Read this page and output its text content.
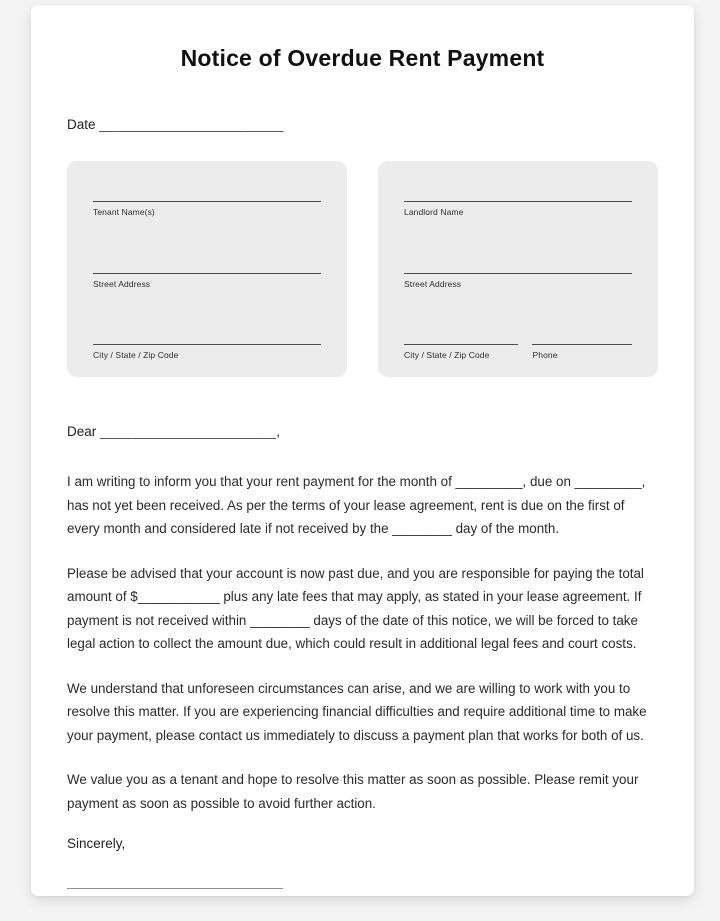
Notice of Overdue Rent Payment
Date _______________________
Tenant Name(s)
Street Address
City / State / Zip Code
Landlord Name
Street Address
City / State / Zip Code	Phone
Dear ______________________,

I am writing to inform you that your rent payment for the month of _________, due on _________, has not yet been received. As per the terms of your lease agreement, rent is due on the first of every month and considered late if not received by the ________ day of the month.

Please be advised that your account is now past due, and you are responsible for paying the total amount of $___________ plus any late fees that may apply, as stated in your lease agreement. If payment is not received within ________ days of the date of this notice, we will be forced to take legal action to collect the amount due, which could result in additional legal fees and court costs.

We understand that unforeseen circumstances can arise, and we are willing to work with you to resolve this matter. If you are experiencing financial difficulties and require additional time to make your payment, please contact us immediately to discuss a payment plan that works for both of us.

We value you as a tenant and hope to resolve this matter as soon as possible. Please remit your payment as soon as possible to avoid further action.

Sincerely,
